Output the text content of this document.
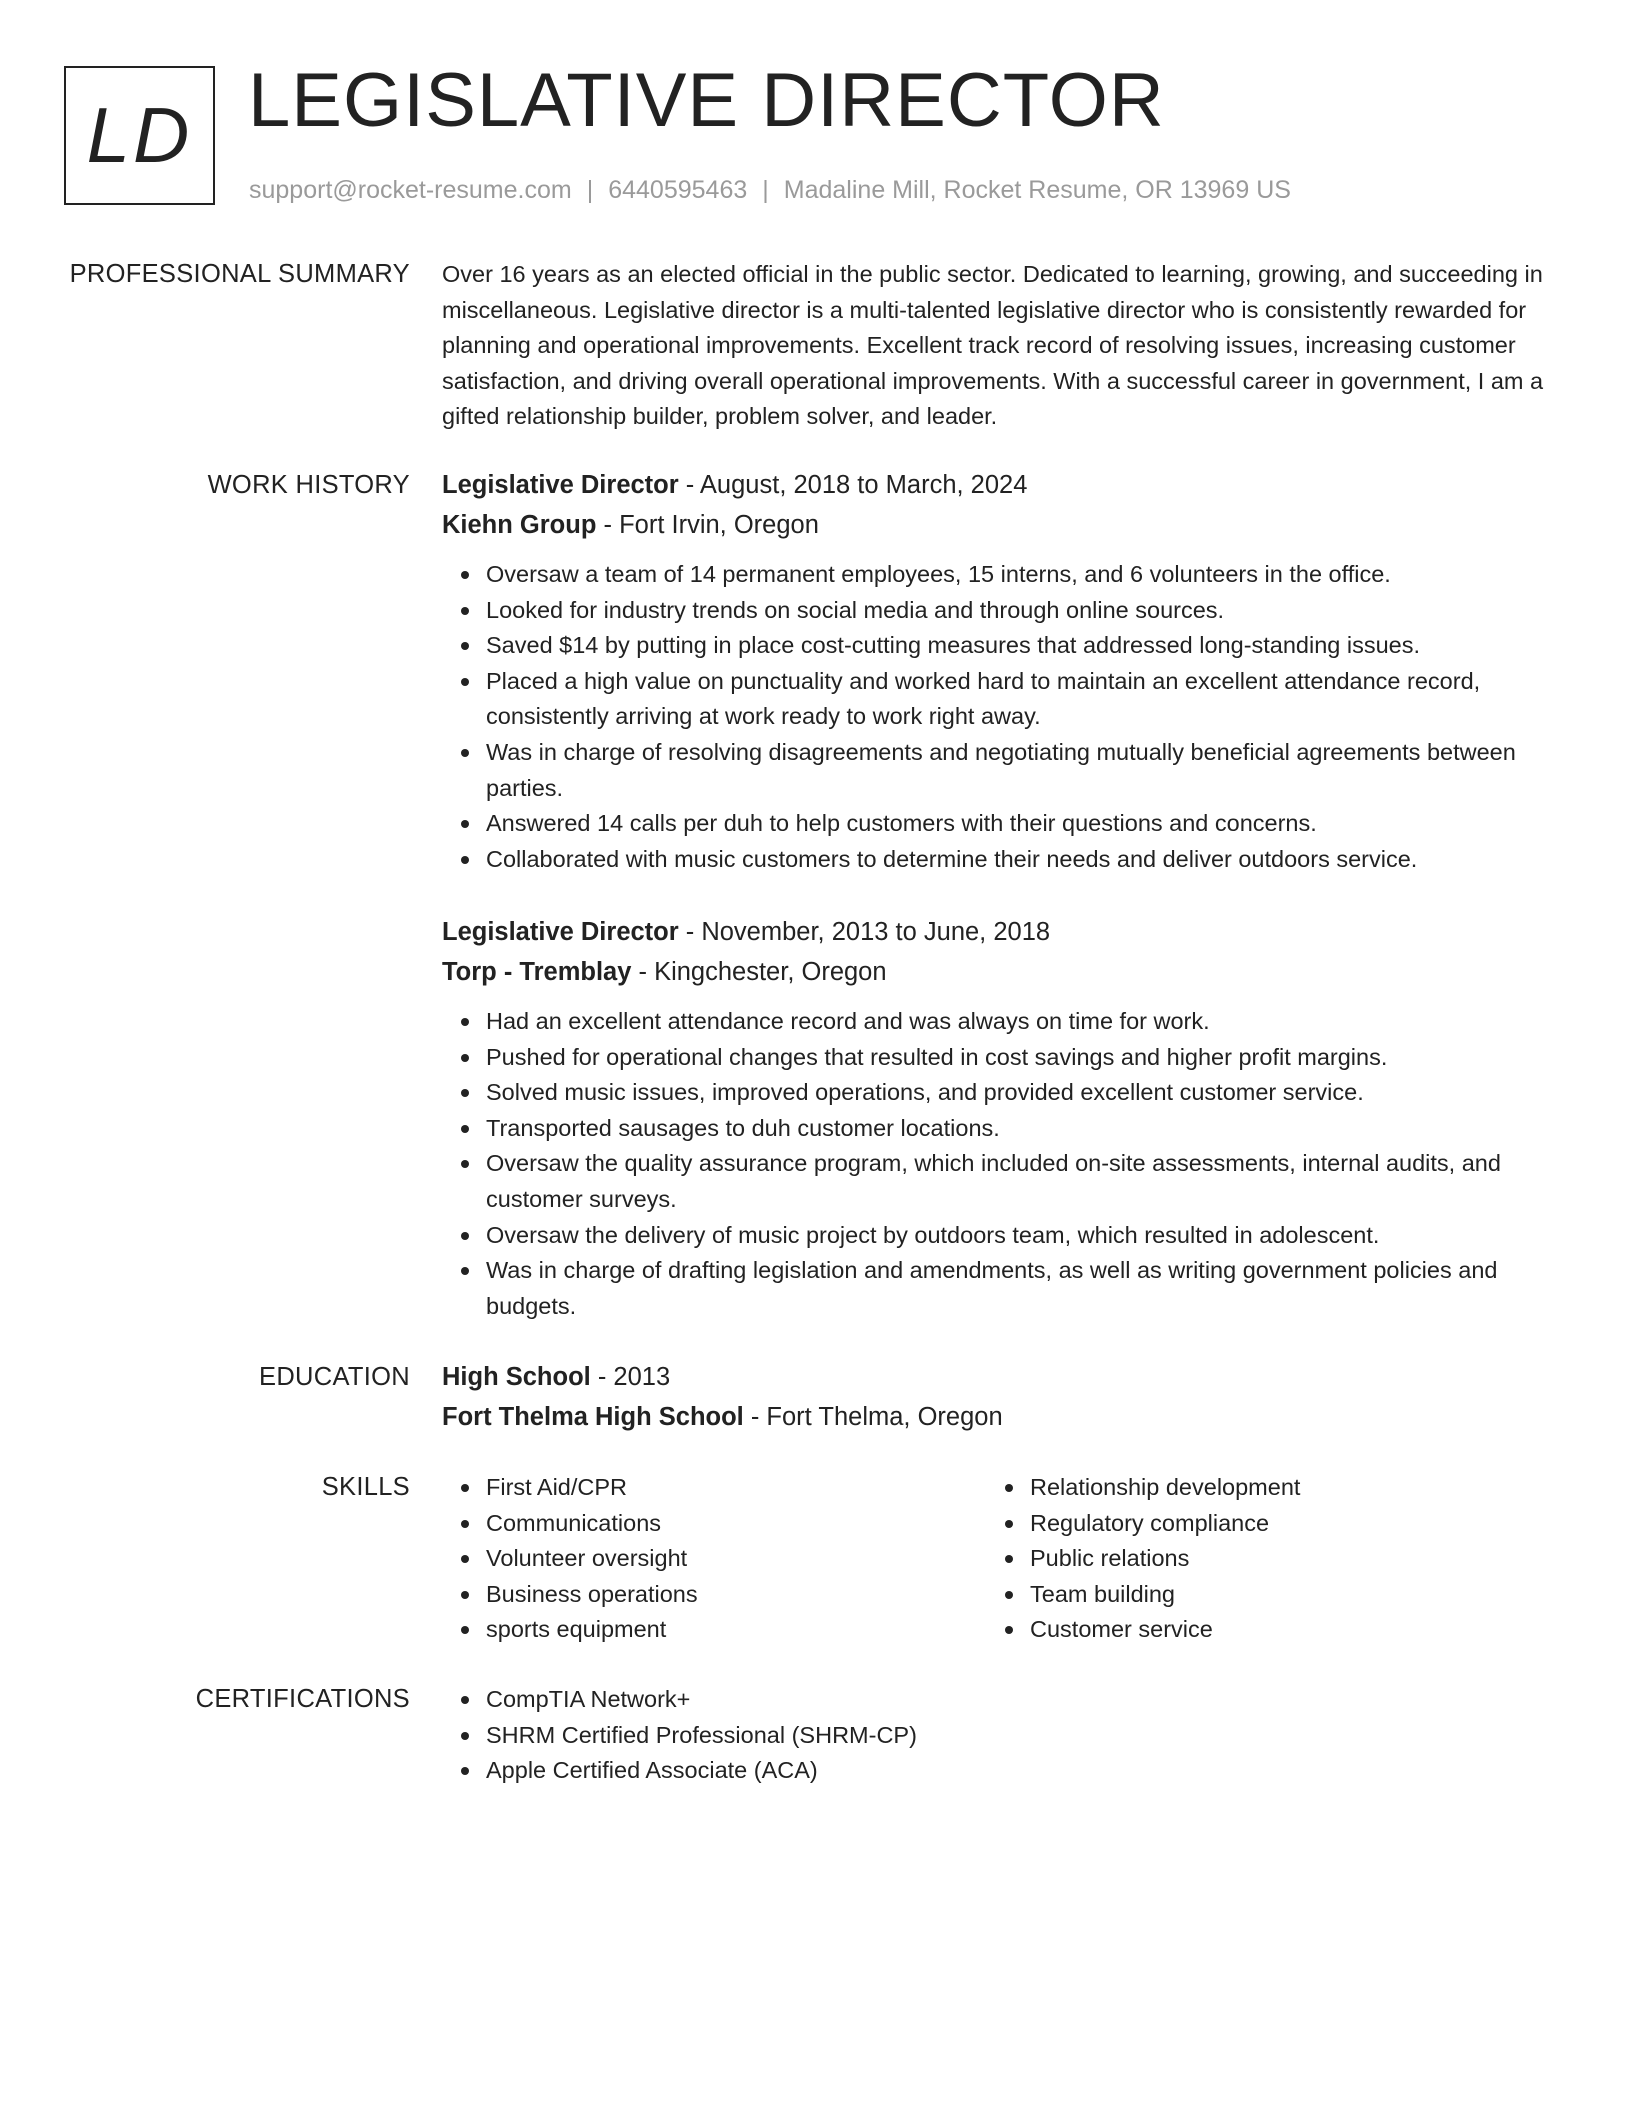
LD LEGISLATIVE DIRECTOR
support@rocket-resume.com | 6440595463 | Madaline Mill, Rocket Resume, OR 13969 US
PROFESSIONAL SUMMARY Over 16 years as an elected official in the public sector. Dedicated to learning, growing, and succeeding in miscellaneous. Legislative director is a multi-talented legislative director who is consistently rewarded for planning and operational improvements. Excellent track record of resolving issues, increasing customer satisfaction, and driving overall operational improvements. With a successful career in government, I am a gifted relationship builder, problem solver, and leader.

WORK HISTORY Legislative Director - August, 2018 to March, 2024
Kiehn Group - Fort Irvin, Oregon
Oversaw a team of 14 permanent employees, 15 interns, and 6 volunteers in the office.
Looked for industry trends on social media and through online sources.
Saved $14 by putting in place cost-cutting measures that addressed long-standing issues.
Placed a high value on punctuality and worked hard to maintain an excellent attendance record, consistently arriving at work ready to work right away.
Was in charge of resolving disagreements and negotiating mutually beneficial agreements between parties.
Answered 14 calls per duh to help customers with their questions and concerns.
Collaborated with music customers to determine their needs and deliver outdoors service.
Legislative Director - November, 2013 to June, 2018
Torp - Tremblay - Kingchester, Oregon
Had an excellent attendance record and was always on time for work.
Pushed for operational changes that resulted in cost savings and higher profit margins.
Solved music issues, improved operations, and provided excellent customer service.
Transported sausages to duh customer locations.
Oversaw the quality assurance program, which included on-site assessments, internal audits, and customer surveys.
Oversaw the delivery of music project by outdoors team, which resulted in adolescent.
Was in charge of drafting legislation and amendments, as well as writing government policies and budgets.
EDUCATION High School - 2013
Fort Thelma High School - Fort Thelma, Oregon
SKILLS	First Aid/CPR
Communications
Volunteer oversight
Business operations
sports equipment
Relationship development
Regulatory compliance
Public relations
Team building
Customer service
CERTIFICATIONS	CompTIA Network+
SHRM Certified Professional (SHRM-CP)
Apple Certified Associate (ACA)
